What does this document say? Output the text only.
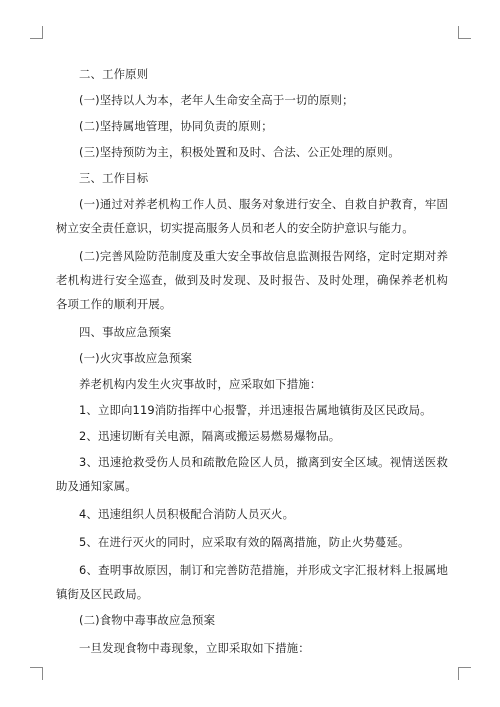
二、工作原则

(一)坚持以人为本，老年人生命安全高于一切的原则；

(二)坚持属地管理，协同负责的原则；

(三)坚持预防为主，积极处置和及时、合法、公正处理的原则。

三、工作目标

(一)通过对养老机构工作人员、服务对象进行安全、自救自护教育，牢固树立安全责任意识，切实提高服务人员和老人的安全防护意识与能力。

(二)完善风险防范制度及重大安全事故信息监测报告网络，定时定期对养老机构进行安全巡查，做到及时发现、及时报告、及时处理，确保养老机构各项工作的顺利开展。

四、事故应急预案

(一)火灾事故应急预案

养老机构内发生火灾事故时，应采取如下措施：

1、立即向119消防指挥中心报警，并迅速报告属地镇街及区民政局。

2、迅速切断有关电源，隔离或搬运易燃易爆物品。

3、迅速抢救受伤人员和疏散危险区人员，撤离到安全区域。视情送医救助及通知家属。

4、迅速组织人员积极配合消防人员灭火。

5、在进行灭火的同时，应采取有效的隔离措施，防止火势蔓延。

6、查明事故原因，制订和完善防范措施，并形成文字汇报材料上报属地镇街及区民政局。

(二)食物中毒事故应急预案

一旦发现食物中毒现象，立即采取如下措施：
